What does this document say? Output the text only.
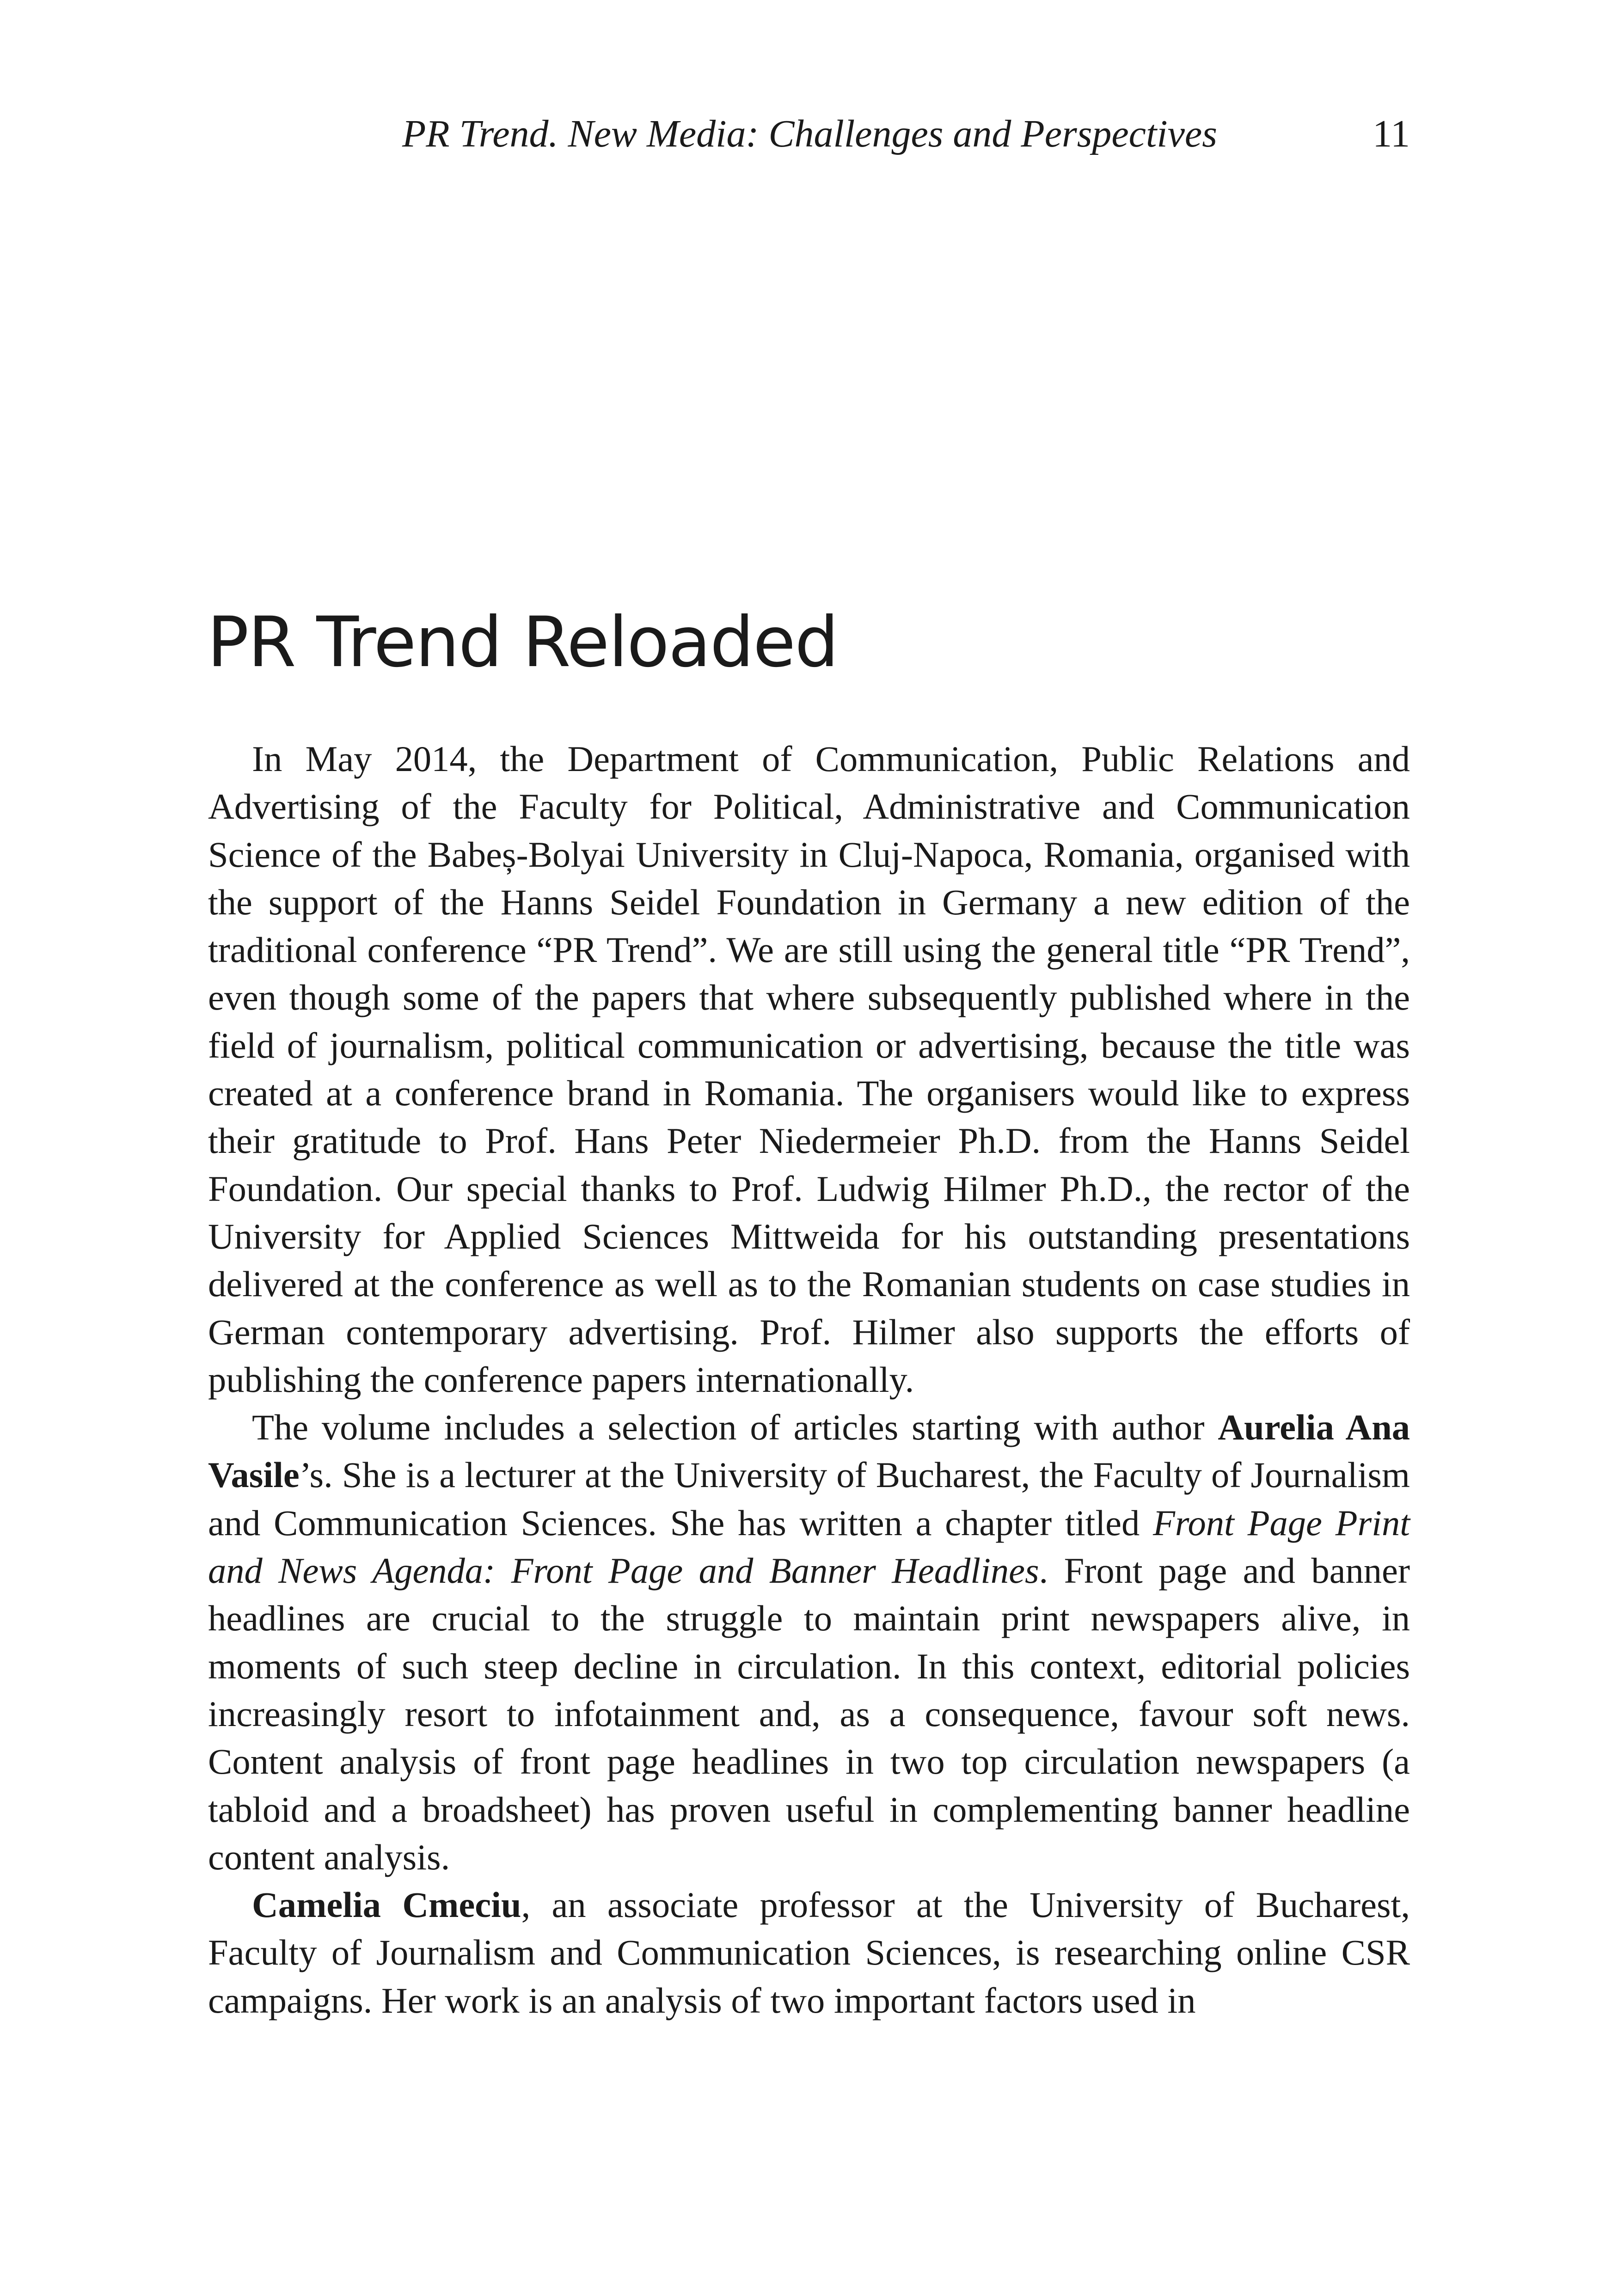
PR Trend. New Media: Challenges and Perspectives	11
PR Trend Reloaded

In May 2014, the Department of Communication, Public Relations and Advertising of the Faculty for Political, Administrative and Communication Science of the Babeș-Bolyai University in Cluj-Napoca, Romania, organised with the support of the Hanns Seidel Foundation in Germany a new edition of the traditional conference “PR Trend”. We are still using the general title “PR Trend”, even though some of the papers that where subsequently published where in the field of journalism, political communication or advertising, because the title was created at a conference brand in Romania. The organisers would like to express their gratitude to Prof. Hans Peter Niedermeier Ph.D. from the Hanns Seidel Foundation. Our special thanks to Prof. Ludwig Hilmer Ph.D., the rector of the University for Applied Sciences Mittweida for his outstanding presentations delivered at the conference as well as to the Romanian students on case studies in German contemporary advertising. Prof. Hilmer also supports the efforts of publishing the conference papers internationally.

The volume includes a selection of articles starting with author Aurelia Ana Vasile’s. She is a lecturer at the University of Bucharest, the Faculty of Journalism and Communication Sciences. She has written a chapter titled Front Page Print and News Agenda: Front Page and Banner Headlines. Front page and banner headlines are crucial to the struggle to maintain print newspapers alive, in moments of such steep decline in circulation. In this context, editorial policies increasingly resort to infotainment and, as a consequence, favour soft news. Content analysis of front page headlines in two top circulation newspapers (a tabloid and a broadsheet) has proven useful in complementing banner headline content analysis.

Camelia Cmeciu, an associate professor at the University of Bucharest, Faculty of Journalism and Communication Sciences, is researching online CSR campaigns. Her work is an analysis of two important factors used in
